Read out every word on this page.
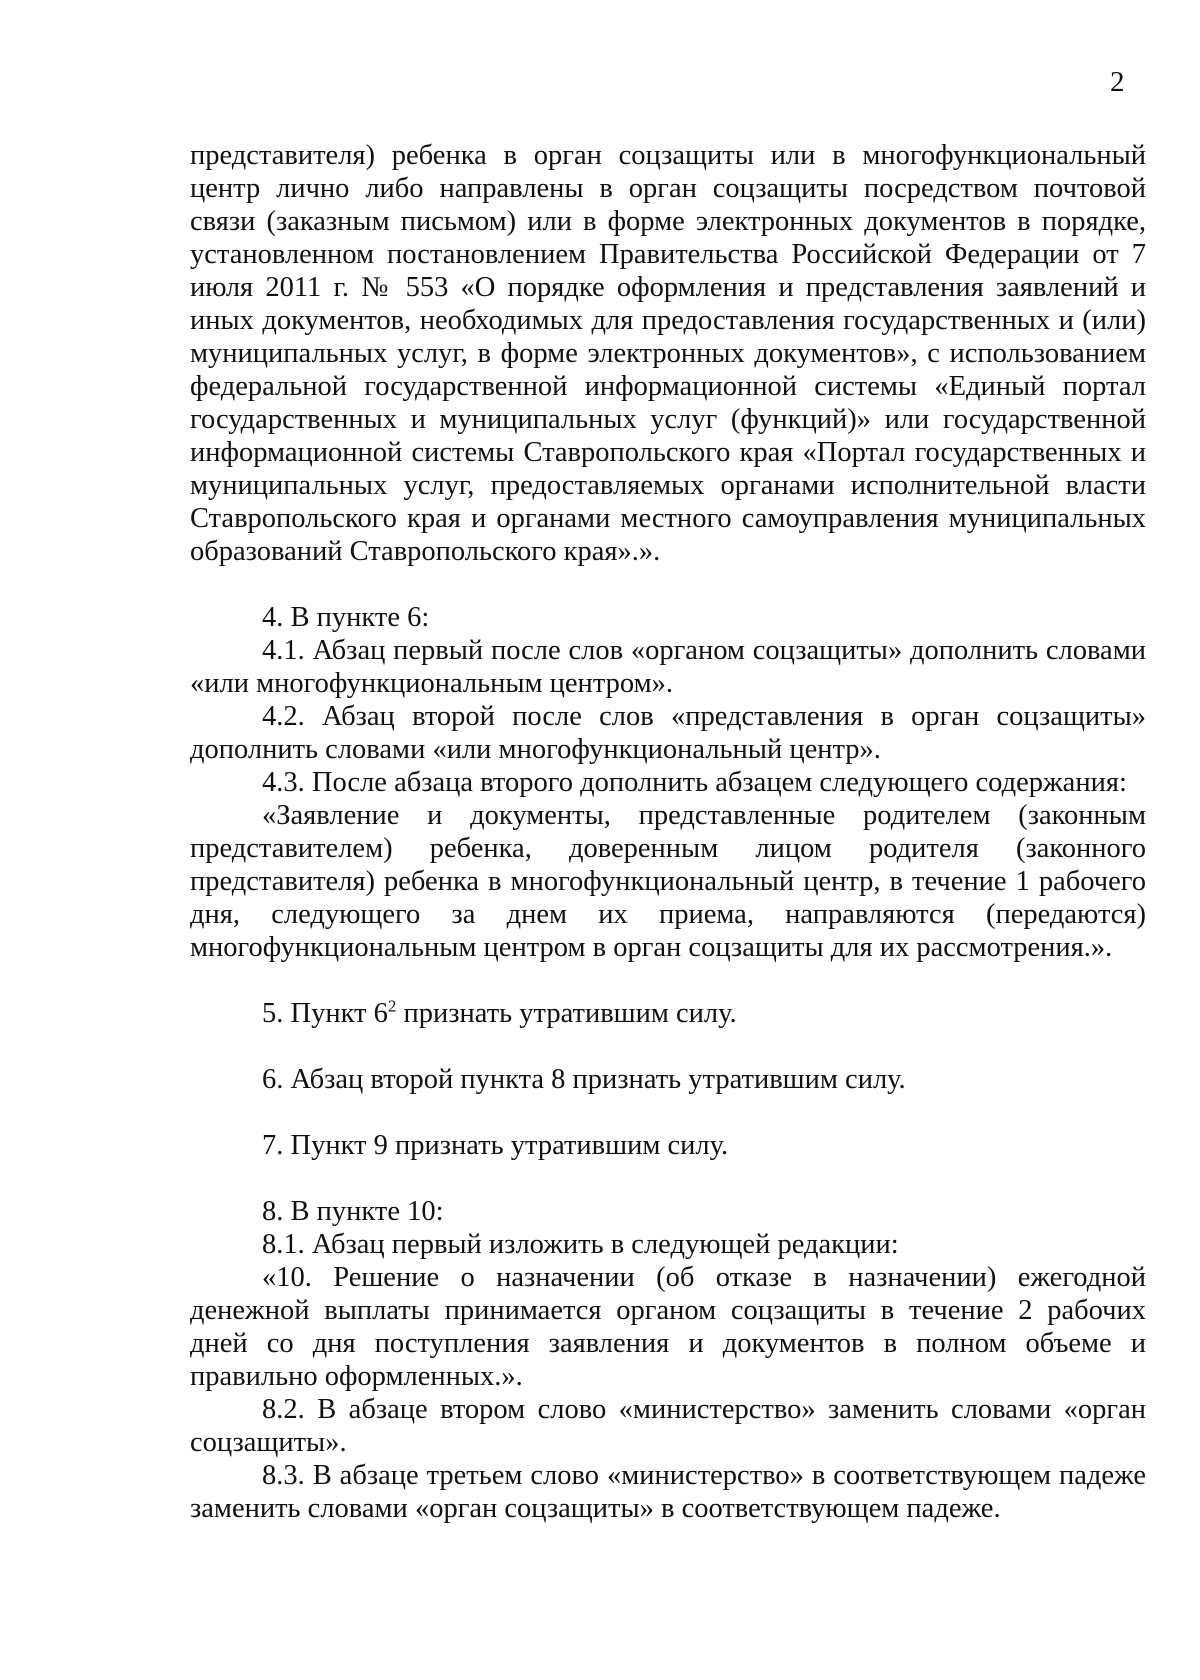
2

представителя) ребенка в орган соцзащиты или в многофункциональный центр лично либо направлены в орган соцзащиты посредством почтовой связи (заказным письмом) или в форме электронных документов в порядке, установленном постановлением Правительства Российской Федерации от 7 июля 2011 г. № 553 «О порядке оформления и представления заявлений и иных документов, необходимых для предоставления государственных и (или) муниципальных услуг, в форме электронных документов», с использованием федеральной государственной информационной системы «Единый портал государственных и муниципальных услуг (функций)» или государственной информационной системы Ставропольского края «Портал государственных и муниципальных услуг, предоставляемых органами исполнительной власти Ставропольского края и органами местного самоуправления муниципальных образований Ставропольского края».».

4. В пункте 6:

4.1. Абзац первый после слов «органом соцзащиты» дополнить словами «или многофункциональным центром».

4.2. Абзац второй после слов «представления в орган соцзащиты» дополнить словами «или многофункциональный центр».

4.3. После абзаца второго дополнить абзацем следующего содержания:

«Заявление и документы, представленные родителем (законным представителем) ребенка, доверенным лицом родителя (законного представителя) ребенка в многофункциональный центр, в течение 1 рабочего дня, следующего за днем их приема, направляются (передаются) многофункциональным центром в орган соцзащиты для их рассмотрения.».

5. Пункт $6^2$ признать утратившим силу.

6. Абзац второй пункта 8 признать утратившим силу.

7. Пункт 9 признать утратившим силу.

8. В пункте 10:

8.1. Абзац первый изложить в следующей редакции:

«10. Решение о назначении (об отказе в назначении) ежегодной денежной выплаты принимается органом соцзащиты в течение 2 рабочих дней со дня поступления заявления и документов в полном объеме и правильно оформленных.».

8.2. В абзаце втором слово «министерство» заменить словами «орган соцзащиты».

8.3. В абзаце третьем слово «министерство» в соответствующем падеже заменить словами «орган соцзащиты» в соответствующем падеже.
